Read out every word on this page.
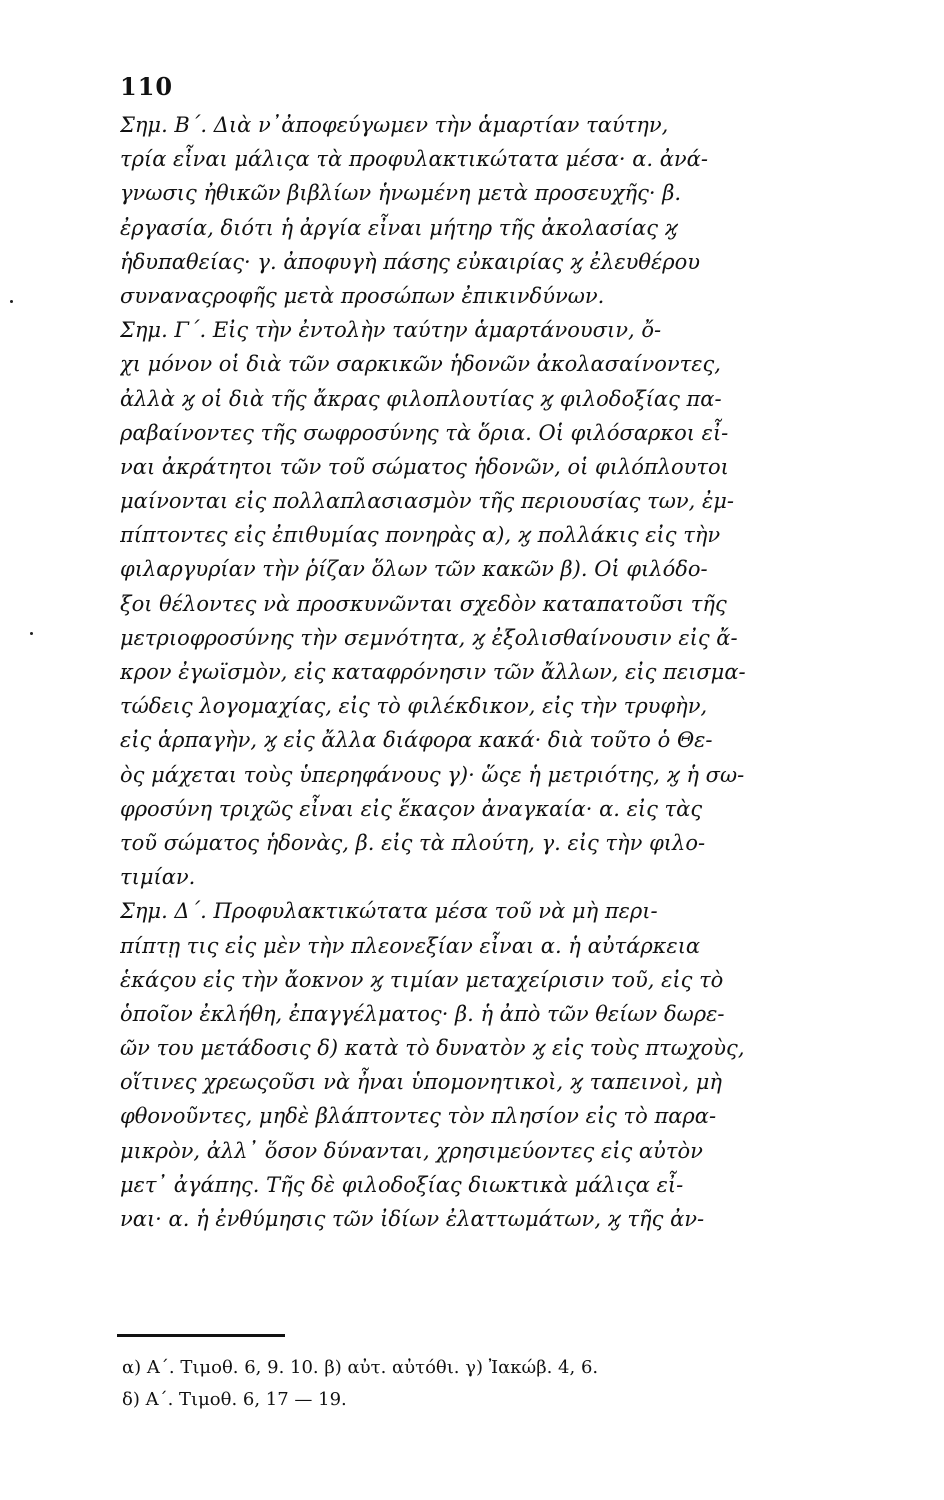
110
Σημ. Β΄. Διὰ ν᾽ἀποφεύγωμεν τὴν ἁμαρτίαν ταύτην,
τρία εἶναι μάλιςα τὰ προφυλακτικώτατα μέσα· α. ἀνά-
γνωσις ἠθικῶν βιβλίων ἡνωμένη μετὰ προσευχῆς· β.
ἐργασία, διότι ἡ ἀργία εἶναι μήτηρ τῆς ἀκολασίας ϗ
ἡδυπαθείας· γ. ἀποφυγὴ πάσης εὐκαιρίας ϗ ἐλευθέρου
συναναςροφῆς μετὰ προσώπων ἐπικινδύνων.
Σημ. Γ΄. Εἰς τὴν ἐντολὴν ταύτην ἁμαρτάνουσιν, ὄ-
χι μόνον οἱ διὰ τῶν σαρκικῶν ἡδονῶν ἀκολασαίνοντες,
ἀλλὰ ϗ οἱ διὰ τῆς ἄκρας φιλοπλουτίας ϗ φιλοδοξίας πα-
ραβαίνοντες τῆς σωφροσύνης τὰ ὅρια. Οἱ φιλόσαρκοι εἶ-
ναι ἀκράτητοι τῶν τοῦ σώματος ἡδονῶν, οἱ φιλόπλουτοι
μαίνονται εἰς πολλαπλασιασμὸν τῆς περιουσίας των, ἐμ-
πίπτοντες εἰς ἐπιθυμίας πονηρὰς α), ϗ πολλάκις εἰς τὴν
φιλαργυρίαν τὴν ῥίζαν ὅλων τῶν κακῶν β). Οἱ φιλόδο-
ξοι θέλοντες νὰ προσκυνῶνται σχεδὸν καταπατοῦσι τῆς
μετριοφροσύνης τὴν σεμνότητα, ϗ ἐξολισθαίνουσιν εἰς ἄ-
κρον ἐγωϊσμὸν, εἰς καταφρόνησιν τῶν ἄλλων, εἰς πεισμα-
τώδεις λογομαχίας, εἰς τὸ φιλέκδικον, εἰς τὴν τρυφὴν,
εἰς ἁρπαγὴν, ϗ εἰς ἄλλα διάφορα κακά· διὰ τοῦτο ὁ Θε-
ὸς μάχεται τοὺς ὑπερηφάνους γ)· ὥςε ἡ μετριότης, ϗ ἡ σω-
φροσύνη τριχῶς εἶναι εἰς ἕκαςον ἀναγκαία· α. εἰς τὰς
τοῦ σώματος ἡδονὰς, β. εἰς τὰ πλούτη, γ. εἰς τὴν φιλο-
τιμίαν.
Σημ. Δ΄. Προφυλακτικώτατα μέσα τοῦ νὰ μὴ περι-
πίπτῃ τις εἰς μὲν τὴν πλεονεξίαν εἶναι α. ἡ αὐτάρκεια
ἑκάςου εἰς τὴν ἄοκνον ϗ τιμίαν μεταχείρισιν τοῦ, εἰς τὸ
ὁποῖον ἐκλήθη, ἐπαγγέλματος· β. ἡ ἀπὸ τῶν θείων δωρε-
ῶν του μετάδοσις δ) κατὰ τὸ δυνατὸν ϗ εἰς τοὺς πτωχοὺς,
οἵτινες χρεωςοῦσι νὰ ἦναι ὑπομονητικοὶ, ϗ ταπεινοὶ, μὴ
φθονοῦντες, μηδὲ βλάπτοντες τὸν πλησίον εἰς τὸ παρα-
μικρὸν, ἀλλ᾽ ὅσον δύνανται, χρησιμεύοντες εἰς αὐτὸν
μετ᾽ ἀγάπης. Τῆς δὲ φιλοδοξίας διωκτικὰ μάλιςα εἶ-
ναι· α. ἡ ἐνθύμησις τῶν ἰδίων ἐλαττωμάτων, ϗ τῆς ἀν-
α) Α΄. Τιμοθ. 6, 9. 10. β) αὐτ. αὐτόθι. γ) Ἰακώβ. 4, 6.
δ) Α΄. Τιμοθ. 6, 17 — 19.
